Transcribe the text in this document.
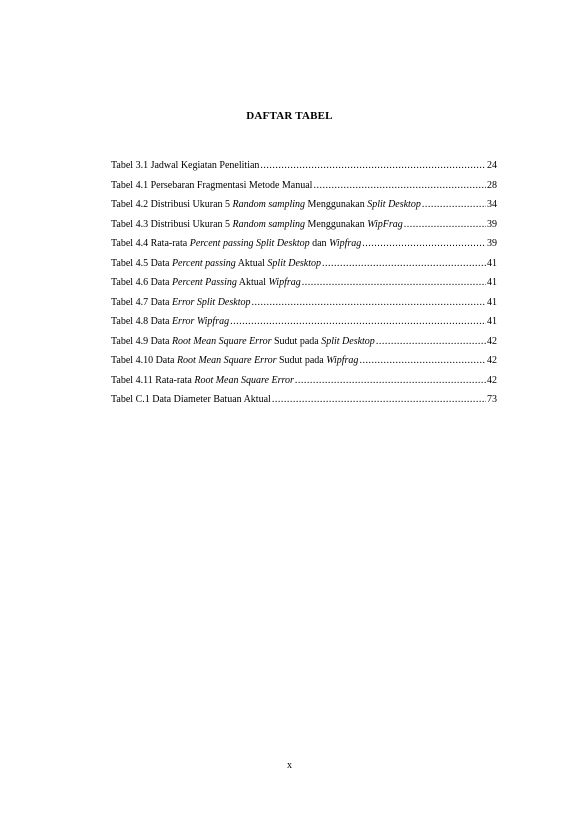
DAFTAR TABEL
Tabel 3.1 Jadwal Kegiatan Penelitian .....	24
Tabel 4.1 Persebaran Fragmentasi Metode Manual .....	28
Tabel 4.2 Distribusi Ukuran 5 Random sampling Menggunakan Split Desktop .....	34
Tabel 4.3 Distribusi Ukuran 5 Random sampling Menggunakan WipFrag .....	39
Tabel 4.4 Rata-rata Percent passing Split Desktop dan Wipfrag .....	39
Tabel 4.5 Data Percent passing Aktual Split Desktop .....	41
Tabel 4.6 Data Percent Passing Aktual Wipfrag .....	41
Tabel 4.7 Data Error Split Desktop .....	41
Tabel 4.8 Data Error Wipfrag .....	41
Tabel 4.9 Data Root Mean Square Error Sudut pada Split Desktop .....	42
Tabel 4.10 Data Root Mean Square Error Sudut pada Wipfrag .....	42
Tabel 4.11 Rata-rata Root Mean Square Error .....	42
Tabel C.1 Data Diameter Batuan Aktual .....	73
x
